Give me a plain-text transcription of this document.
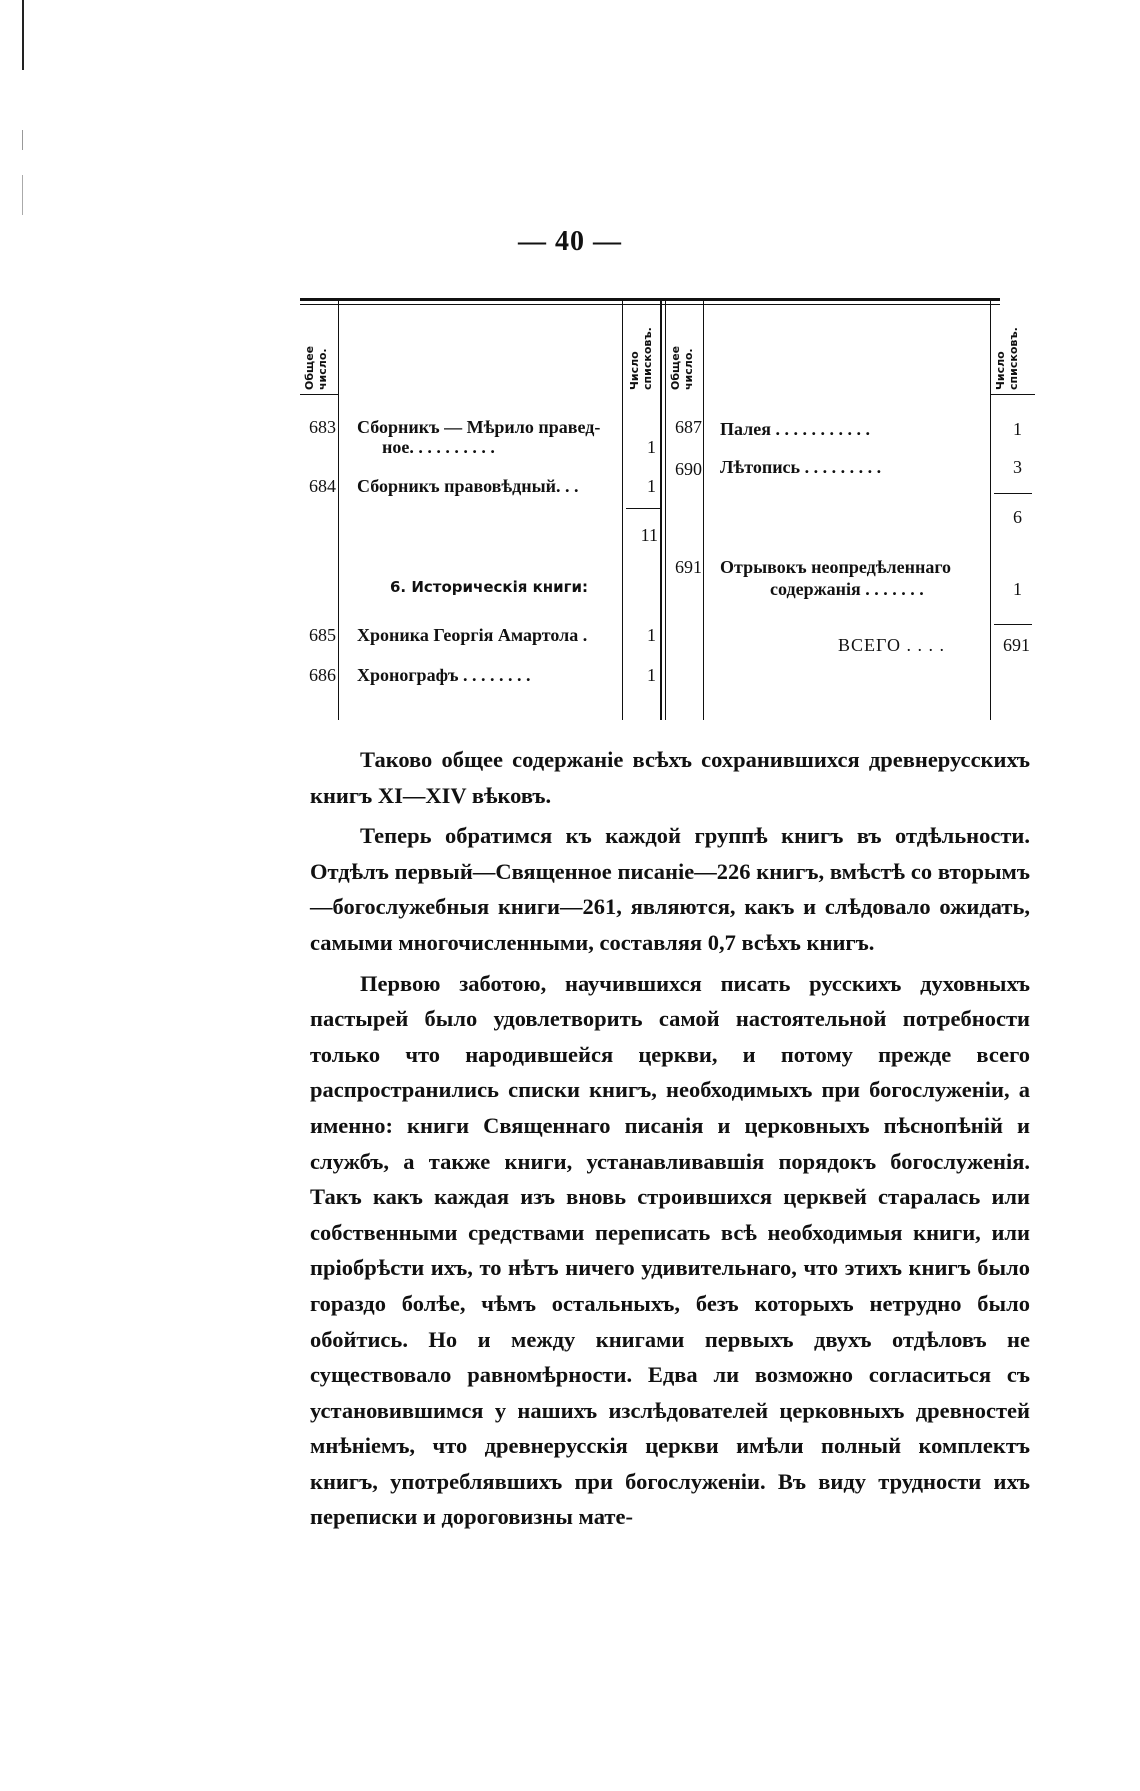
— 40 —
Общее число.	Число списковъ.	Общее число.	Число списковъ.
683 Сборникъ — Мѣрило правед-
ное. . . . . . . . . .	1
684 Сборникъ правовѣдный. . .	1
11
6. Историческiя книги:
685 Хроника Георгія Амартола .	1
686 Хронографъ . . . . . . . .	1
687 Палея . . . . . . . . . . .	1
690 Лѣтопись . . . . . . . . .	3
6
691 Отрывокъ неопредѣленнаго
содержанія . . . . . . .	1
ВСЕГО . . . .	691

Таково общее содержаніе всѣхъ сохранившихся древнерусскихъ книгъ XI—XIV вѣковъ.

Теперь обратимся къ каждой группѣ книгъ въ отдѣльности. Отдѣлъ первый—Священное писаніе—226 книгъ, вмѣстѣ со вторымъ—богослужебныя книги—261, являются, какъ и слѣдовало ожидать, самыми многочисленными, составляя 0,7 всѣхъ книгъ.

Первою заботою, научившихся писать русскихъ духовныхъ пастырей было удовлетворить самой настоятельной потребности только что народившейся церкви, и потому прежде всего распространились списки книгъ, необходимыхъ при богослуженіи, а именно: книги Священнаго писанія и церковныхъ пѣснопѣній и службъ, а также книги, устанавливавшія порядокъ богослуженія. Такъ какъ каждая изъ вновь строившихся церквей старалась или собственными средствами переписать всѣ необходимыя книги, или пріобрѣсти ихъ, то нѣтъ ничего удивительнаго, что этихъ книгъ было гораздо болѣе, чѣмъ остальныхъ, безъ которыхъ нетрудно было обойтись. Но и между книгами первыхъ двухъ отдѣловъ не существовало равномѣрности. Едва ли возможно согласиться съ установившимся у нашихъ изслѣдователей церковныхъ древностей мнѣніемъ, что древнерусскія церкви имѣли полный комплектъ книгъ, употреблявшихъ при богослуженіи. Въ виду трудности ихъ переписки и дороговизны мате-
